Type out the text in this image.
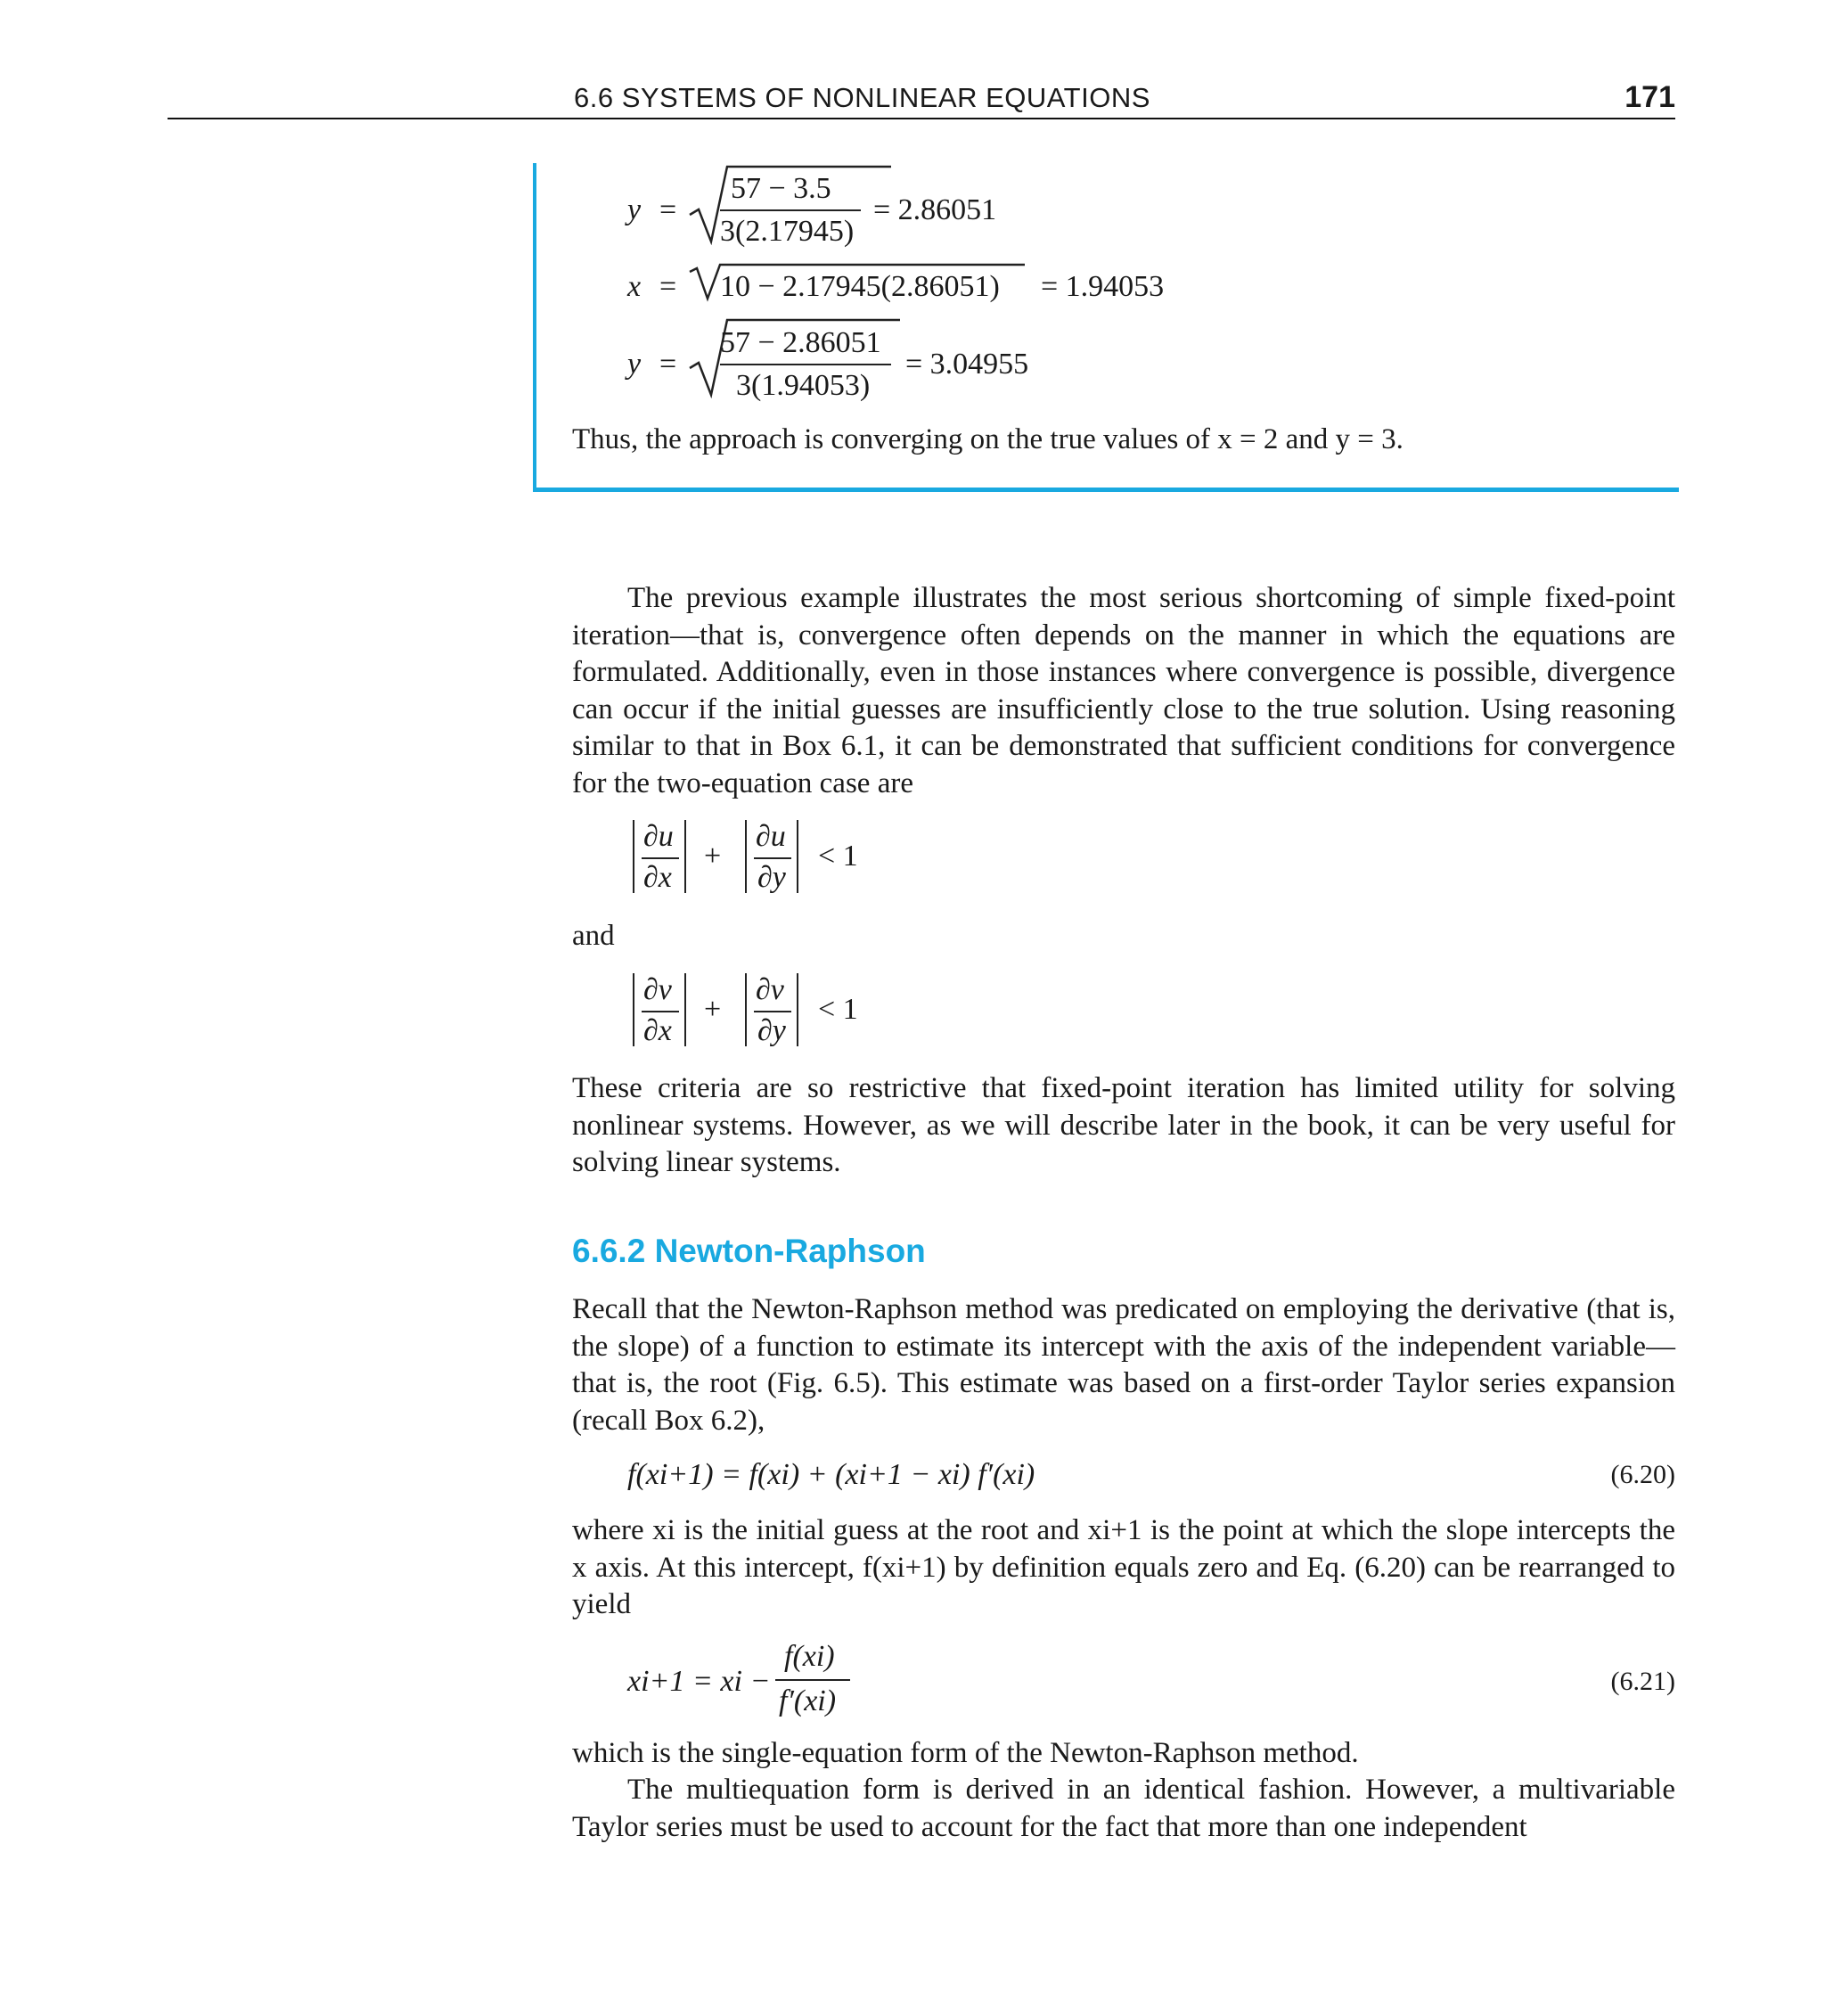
6.6 SYSTEMS OF NONLINEAR EQUATIONS	171
y =
57 − 3.5
3(2.17945)
= 2.86051
x = 10 − 2.17945(2.86051) = 1.94053
y =
57 − 2.86051
3(1.94053)
= 3.04955
Thus, the approach is converging on the true values of x = 2 and y = 3.
The previous example illustrates the most serious shortcoming of simple fixed-point iteration—that is, convergence often depends on the manner in which the equations are formulated. Additionally, even in those instances where convergence is possible, divergence can occur if the initial guesses are insufficiently close to the true solution. Using reasoning similar to that in Box 6.1, it can be demonstrated that sufficient conditions for convergence for the two-equation case are
∂u
∂x
+
∂u
∂y
< 1
and
∂v
∂x
+
∂v
∂y
< 1
These criteria are so restrictive that fixed-point iteration has limited utility for solving nonlinear systems. However, as we will describe later in the book, it can be very useful for solving linear systems.
6.6.2 Newton-Raphson
Recall that the Newton-Raphson method was predicated on employing the derivative (that is, the slope) of a function to estimate its intercept with the axis of the independent variable—that is, the root (Fig. 6.5). This estimate was based on a first-order Taylor series expansion (recall Box 6.2),
f(xi+1) = f(xi) + (xi+1 − xi) f′(xi)	(6.20)
where xi is the initial guess at the root and xi+1 is the point at which the slope intercepts the x axis. At this intercept, f(xi+1) by definition equals zero and Eq. (6.20) can be rearranged to yield
xi+1 = xi −
f(xi)
f′(xi)
(6.21)
which is the single-equation form of the Newton-Raphson method.
The multiequation form is derived in an identical fashion. However, a multivariable Taylor series must be used to account for the fact that more than one independent
